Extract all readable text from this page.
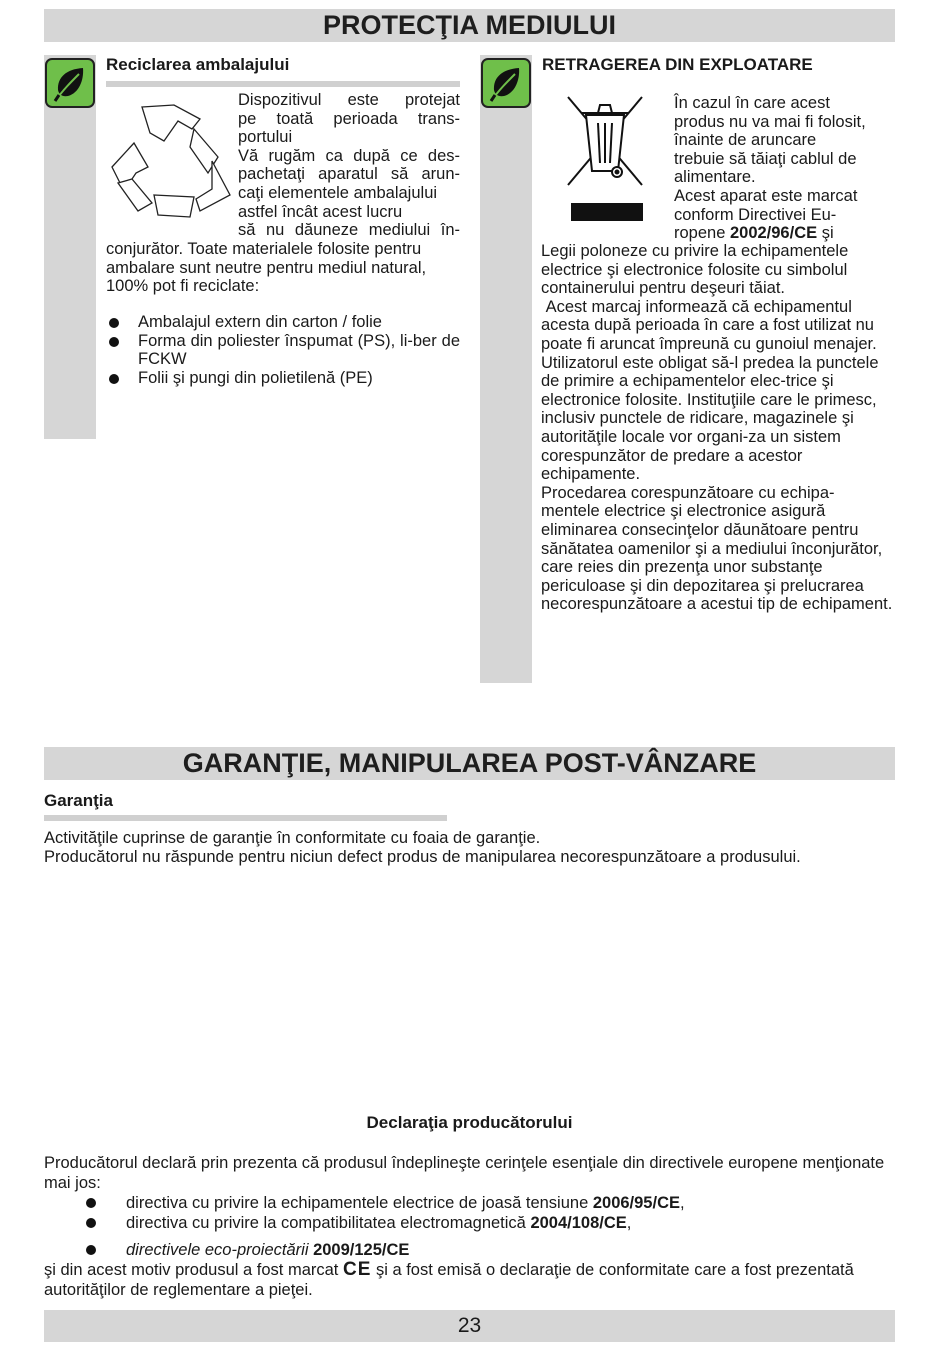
PROTECŢIA MEDIULUI
Reciclarea ambalajului
Dispozitivul este protejat
pe toată perioada trans-
portului
Vă rugăm ca după ce des-
pachetaţi aparatul să arun-
caţi elementele ambalajului
astfel încât acest lucru
să nu dăuneze mediului în-
conjurător. Toate materialele folosite pentru ambalare sunt neutre pentru mediul natural, 100% pot fi reciclate:
Ambalajul extern din carton / folie
Forma din poliester înspumat (PS), li-ber de FCKW
Folii şi pungi din polietilenă (PE)
RETRAGEREA DIN EXPLOATARE
În cazul în care acest
produs nu va mai fi folosit,
înainte de aruncare
trebuie să tăiaţi cablul de
alimentare.
Acest aparat este marcat
conform Directivei Eu-
ropene 2002/96/CE şi
Legii poloneze cu privire la echipamentele electrice şi electronice folosite cu simbolul containerului pentru deşeuri tăiat.
Acest marcaj informează că echipamentul acesta după perioada în care a fost utilizat nu poate fi aruncat împreună cu gunoiul menajer.
Utilizatorul este obligat să-l predea la punctele de primire a echipamentelor elec-trice şi electronice folosite. Instituţiile care le primesc, inclusiv punctele de ridicare, magazinele şi autorităţile locale vor organi-za un sistem corespunzător de predare a acestor echipamente.
Procedarea corespunzătoare cu echipa-mentele electrice şi electronice asigură eliminarea consecinţelor dăunătoare pentru sănătatea oamenilor şi a mediului înconjurător, care reies din prezenţa unor substanţe periculoase şi din depozitarea şi prelucrarea necorespunzătoare a acestui tip de echipament.
GARANŢIE, MANIPULAREA POST-VÂNZARE
Garanţia
Activităţile cuprinse de garanţie în conformitate cu foaia de garanţie.
Producătorul nu răspunde pentru niciun defect produs de manipularea necorespunzătoare a produsului.
Declaraţia producătorului
Producătorul declară prin prezenta că produsul îndeplineşte cerinţele esenţiale din directivele europene menţionate mai jos:
directiva cu privire la echipamentele electrice de joasă tensiune 2006/95/CE,
directiva cu privire la compatibilitatea electromagnetică 2004/108/CE,
directivele eco-proiectării 2009/125/CE
şi din acest motiv produsul a fost marcat CE şi a fost emisă o declaraţie de conformitate care a fost prezentată autorităţilor de reglementare a pieţei.
23
